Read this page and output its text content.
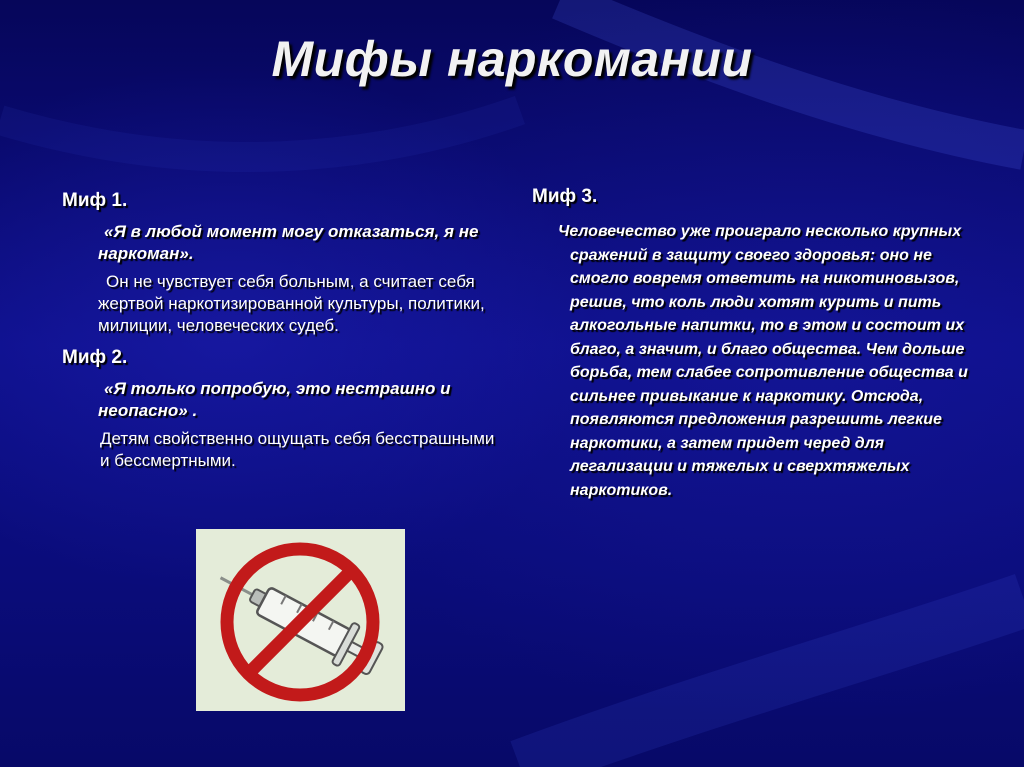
Мифы наркомании
Миф 1.
«Я в любой момент могу отказаться, я не наркоман».
Он не чувствует себя больным, а считает себя жертвой наркотизированной культуры, политики, милиции, человеческих судеб.
Миф 2.
«Я только попробую, это нестрашно и неопасно» .
Детям свойственно ощущать себя бесстрашными и бессмертными.
Миф 3.
Человечество уже проиграло несколько крупных сражений в защиту своего здоровья: оно не смогло вовремя ответить на никотиновызов, решив, что коль люди хотят курить и пить алкогольные напитки, то в этом и состоит их благо, а значит, и благо общества. Чем дольше борьба, тем слабее сопротивление общества и сильнее привыкание к наркотику. Отсюда, появляются предложения разрешить легкие наркотики, а затем придет черед для легализации и тяжелых и сверхтяжелых наркотиков.
